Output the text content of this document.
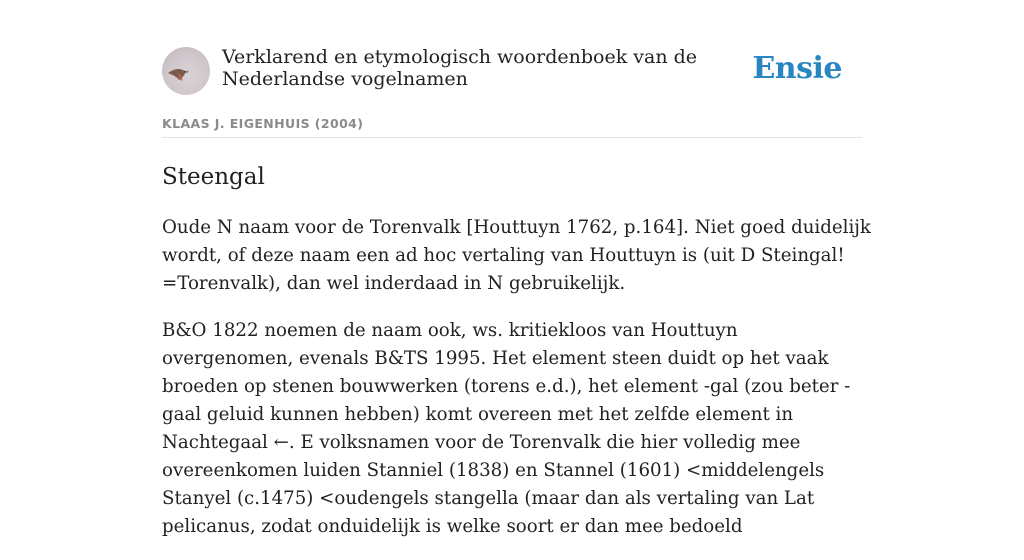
Verklarend en etymologisch woordenboek van de Nederlandse vogelnamen	Ensie
KLAAS J. EIGENHUIS (2004)
Steengal

Oude N naam voor de Torenvalk [Houttuyn 1762, p.164]. Niet goed duidelijk wordt, of deze naam een ad hoc vertaling van Houttuyn is (uit D Steingal! =Torenvalk), dan wel inderdaad in N gebruikelijk.

B&O 1822 noemen de naam ook, ws. kritiekloos van Houttuyn overgenomen, evenals B&TS 1995. Het element steen duidt op het vaak broeden op stenen bouwwerken (torens e.d.), het element -gal (zou beter -gaal geluid kunnen hebben) komt overeen met het zelfde element in Nachtegaal ←. E volksnamen voor de Torenvalk die hier volledig mee overeenkomen luiden Stanniel (1838) en Stannel (1601) <middelengels Stanyel (c.1475) <oudengels stangella (maar dan als vertaling van Lat pelicanus, zodat onduidelijk is welke soort er dan mee bedoeld
